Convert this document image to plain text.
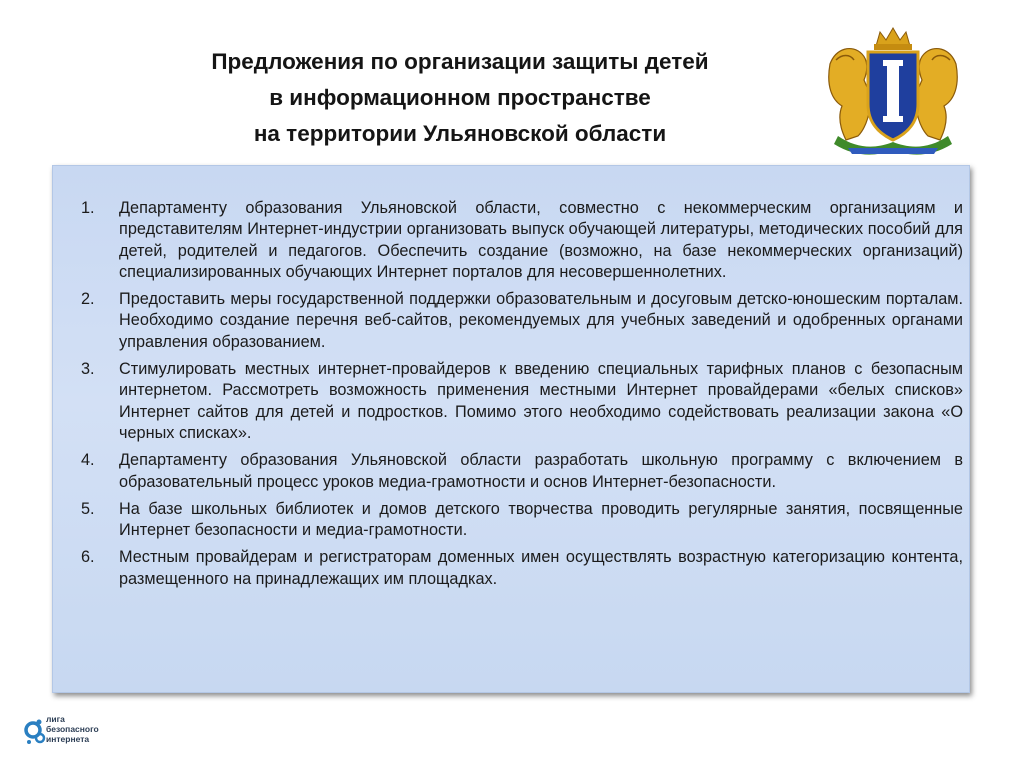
Предложения по организации защиты детей
в информационном пространстве
на территории Ульяновской области
1. Департаменту образования Ульяновской области, совместно с некоммерческим организациям и представителям Интернет-индустрии организовать выпуск обучающей литературы, методических пособий для детей, родителей и педагогов. Обеспечить создание (возможно, на базе некоммерческих организаций) специализированных обучающих Интернет порталов для несовершеннолетних.
2. Предоставить меры государственной поддержки образовательным и досуговым детско-юношеским порталам. Необходимо создание перечня веб-сайтов, рекомендуемых для учебных заведений и одобренных органами управления образованием.
3. Стимулировать местных интернет-провайдеров к введению специальных тарифных планов с безопасным интернетом. Рассмотреть возможность применения местными Интернет провайдерами «белых списков» Интернет сайтов для детей и подростков. Помимо этого необходимо содействовать реализации закона «О черных списках».
4. Департаменту образования Ульяновской области разработать школьную программу с включением в образовательный процесс уроков медиа-грамотности и основ Интернет-безопасности.
5. На базе школьных библиотек и домов детского творчества проводить регулярные занятия, посвященные Интернет безопасности и медиа-грамотности.
6. Местным провайдерам и регистраторам доменных имен осуществлять возрастную категоризацию контента, размещенного на принадлежащих им площадках.
лига
безопасного
интернета
